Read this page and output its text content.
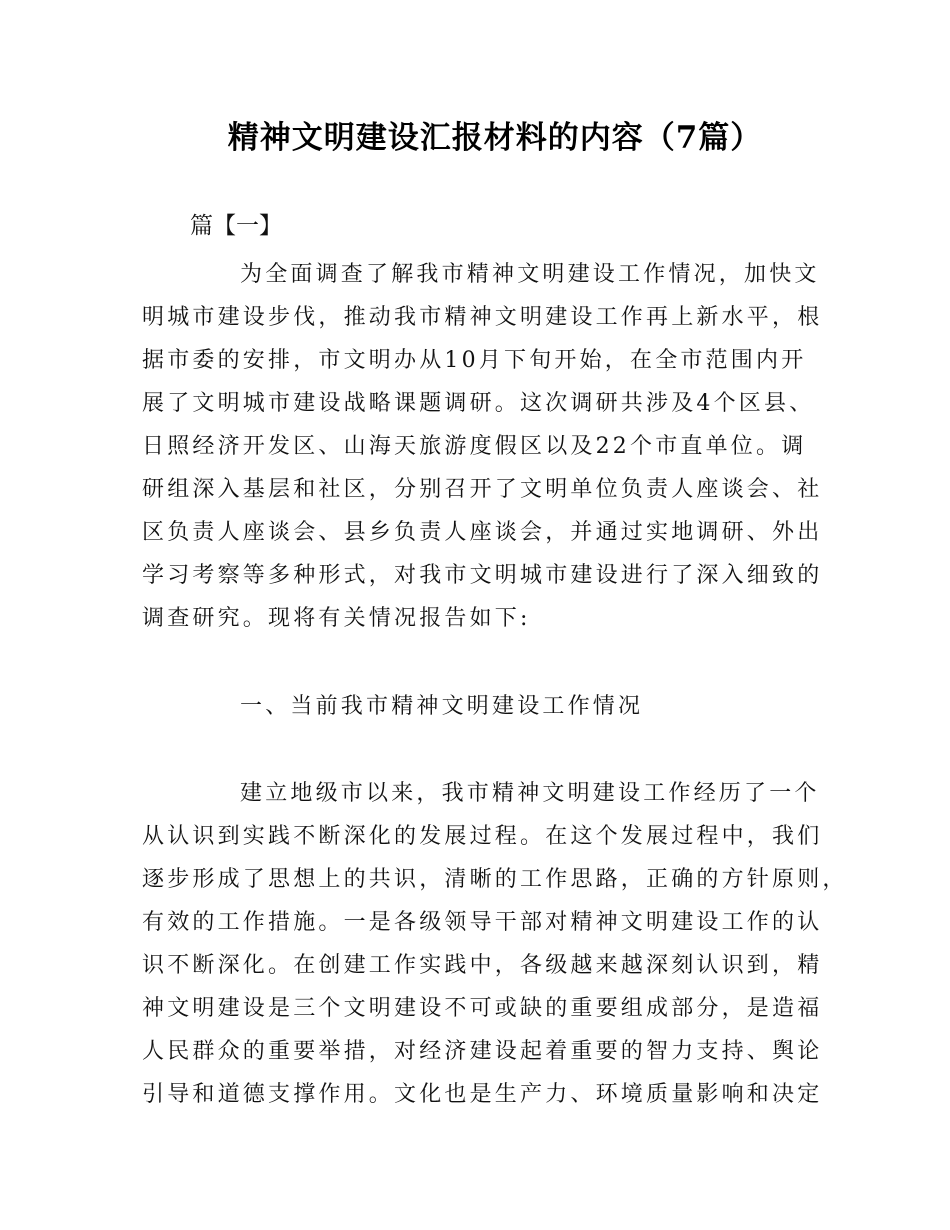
精神文明建设汇报材料的内容（7篇）
篇【一】
为全面调查了解我市精神文明建设工作情况，加快文
明城市建设步伐，推动我市精神文明建设工作再上新水平，根
据市委的安排，市文明办从10月下旬开始，在全市范围内开
展了文明城市建设战略课题调研。这次调研共涉及4个区县、
日照经济开发区、山海天旅游度假区以及22个市直单位。调
研组深入基层和社区，分别召开了文明单位负责人座谈会、社
区负责人座谈会、县乡负责人座谈会，并通过实地调研、外出
学习考察等多种形式，对我市文明城市建设进行了深入细致的
调查研究。现将有关情况报告如下:
一、当前我市精神文明建设工作情况
建立地级市以来，我市精神文明建设工作经历了一个
从认识到实践不断深化的发展过程。在这个发展过程中，我们
逐步形成了思想上的共识，清晰的工作思路，正确的方针原则，
有效的工作措施。一是各级领导干部对精神文明建设工作的认
识不断深化。在创建工作实践中，各级越来越深刻认识到，精
神文明建设是三个文明建设不可或缺的重要组成部分，是造福
人民群众的重要举措，对经济建设起着重要的智力支持、舆论
引导和道德支撑作用。文化也是生产力、环境质量影响和决定
